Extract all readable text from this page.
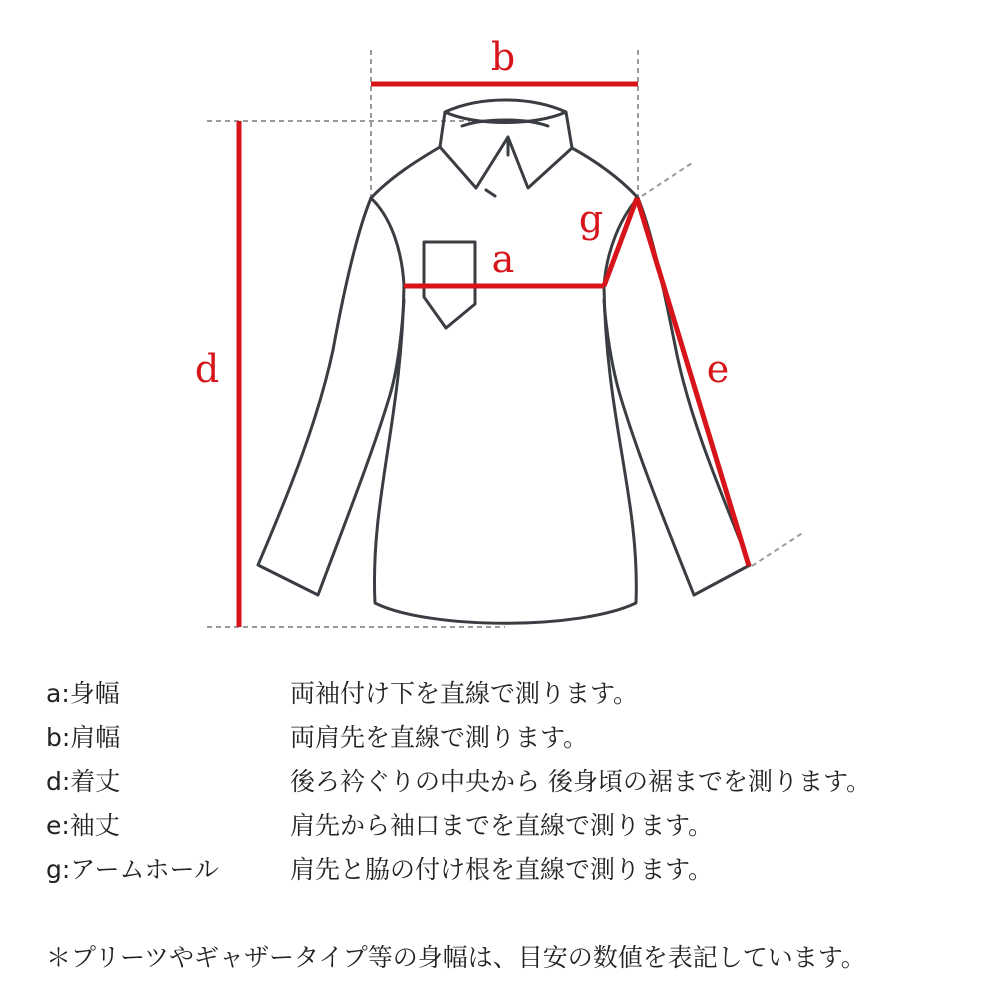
b
a
d	e
g
a:身幅	両袖付け下を直線で測ります。
b:肩幅	両肩先を直線で測ります。
d:着丈	後ろ衿ぐりの中央から 後身頃の裾までを測ります。
e:袖丈	肩先から袖口までを直線で測ります。
g:アームホール	肩先と脇の付け根を直線で測ります。
＊プリーツやギャザータイプ等の身幅は、目安の数値を表記しています。
